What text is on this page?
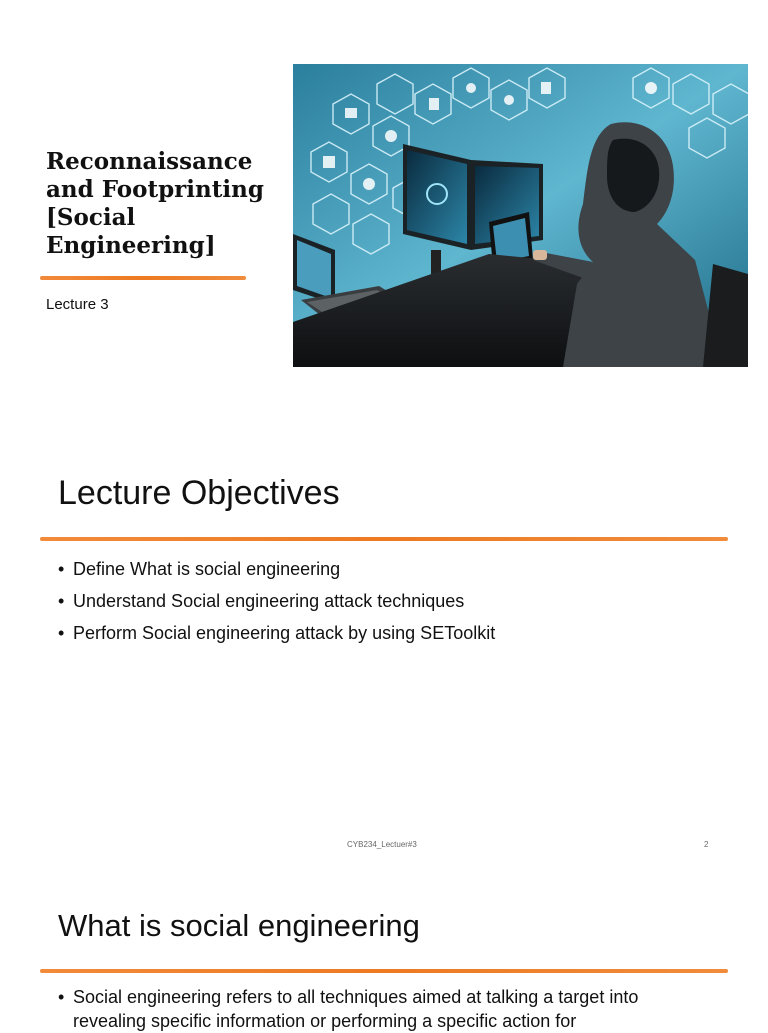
Reconnaissance and Footprinting [Social Engineering]
Lecture 3
Lecture Objectives
• Define What is social engineering
• Understand Social engineering attack techniques
• Perform Social engineering attack by using SEToolkit
CYB234_Lectuer#3	2
What is social engineering
• Social engineering refers to all techniques aimed at talking a target into revealing specific information or performing a specific action for
